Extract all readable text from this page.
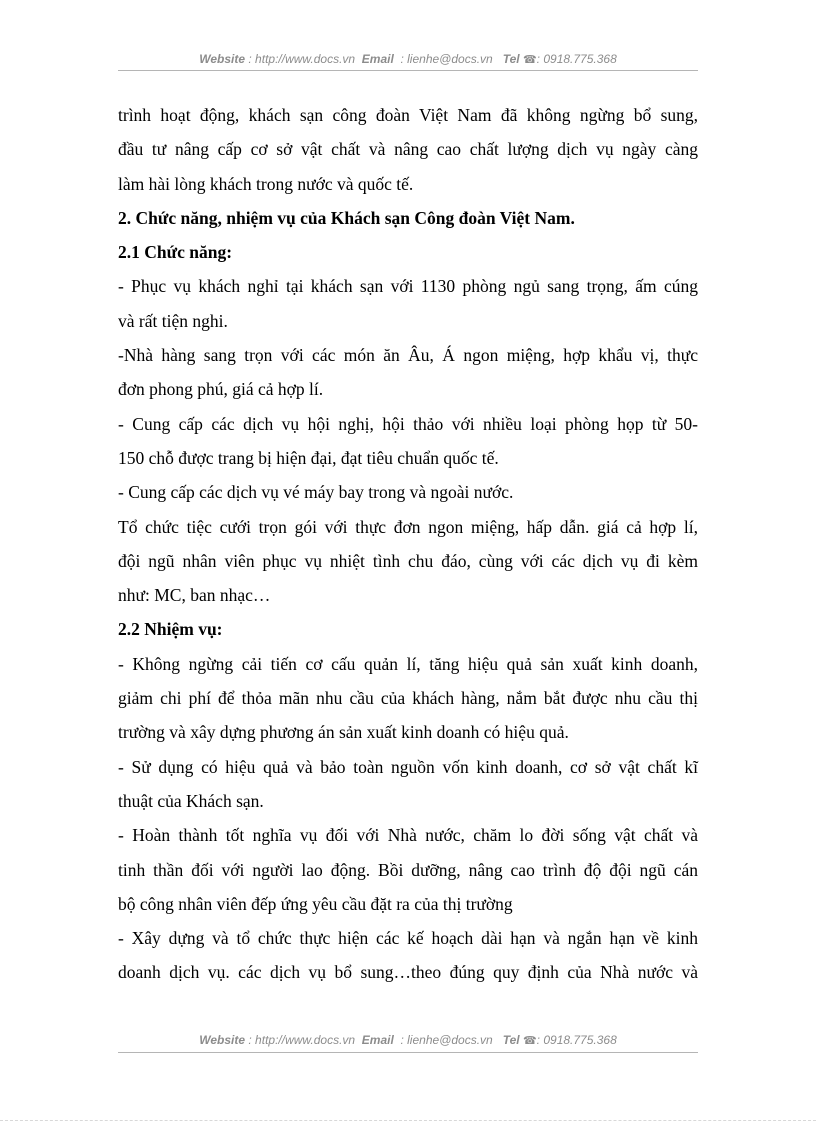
Website : http://www.docs.vn Email : lienhe@docs.vn Tel ☎: 0918.775.368
trình hoạt động, khách sạn công đoàn Việt Nam đã không ngừng bổ sung,
đầu tư nâng cấp cơ sở vật chất và nâng cao chất lượng dịch vụ ngày càng
làm hài lòng khách trong nước và quốc tế.
2. Chức năng, nhiệm vụ của Khách sạn Công đoàn Việt Nam.
2.1 Chức năng:
- Phục vụ khách nghỉ tại khách sạn với 1130 phòng ngủ sang trọng, ấm cúng
và rất tiện nghi.
-Nhà hàng sang trọn với các món ăn Âu, Á ngon miệng, hợp khẩu vị, thực
đơn phong phú, giá cả hợp lí.
- Cung cấp các dịch vụ hội nghị, hội thảo với nhiều loại phòng họp từ 50-
150 chỗ được trang bị hiện đại, đạt tiêu chuẩn quốc tế.
- Cung cấp các dịch vụ vé máy bay trong và ngoài nước.
Tổ chức tiệc cưới trọn gói với thực đơn ngon miệng, hấp dẫn. giá cả hợp lí,
đội ngũ nhân viên phục vụ nhiệt tình chu đáo, cùng với các dịch vụ đi kèm
như: MC, ban nhạc…
2.2 Nhiệm vụ:
- Không ngừng cải tiến cơ cấu quản lí, tăng hiệu quả sản xuất kinh doanh,
giảm chi phí để thỏa mãn nhu cầu của khách hàng, nắm bắt được nhu cầu thị
trường và xây dựng phương án sản xuất kinh doanh có hiệu quả.
- Sử dụng có hiệu quả và bảo toàn nguồn vốn kinh doanh, cơ sở vật chất kĩ
thuật của Khách sạn.
- Hoàn thành tốt nghĩa vụ đối với Nhà nước, chăm lo đời sống vật chất và
tinh thần đối với người lao động. Bồi dưỡng, nâng cao trình độ đội ngũ cán
bộ công nhân viên đếp ứng yêu cầu đặt ra của thị trường
- Xây dựng và tổ chức thực hiện các kế hoạch dài hạn và ngắn hạn về kinh
doanh dịch vụ. các dịch vụ bổ sung…theo đúng quy định của Nhà nước và
Website : http://www.docs.vn Email : lienhe@docs.vn Tel ☎: 0918.775.368
